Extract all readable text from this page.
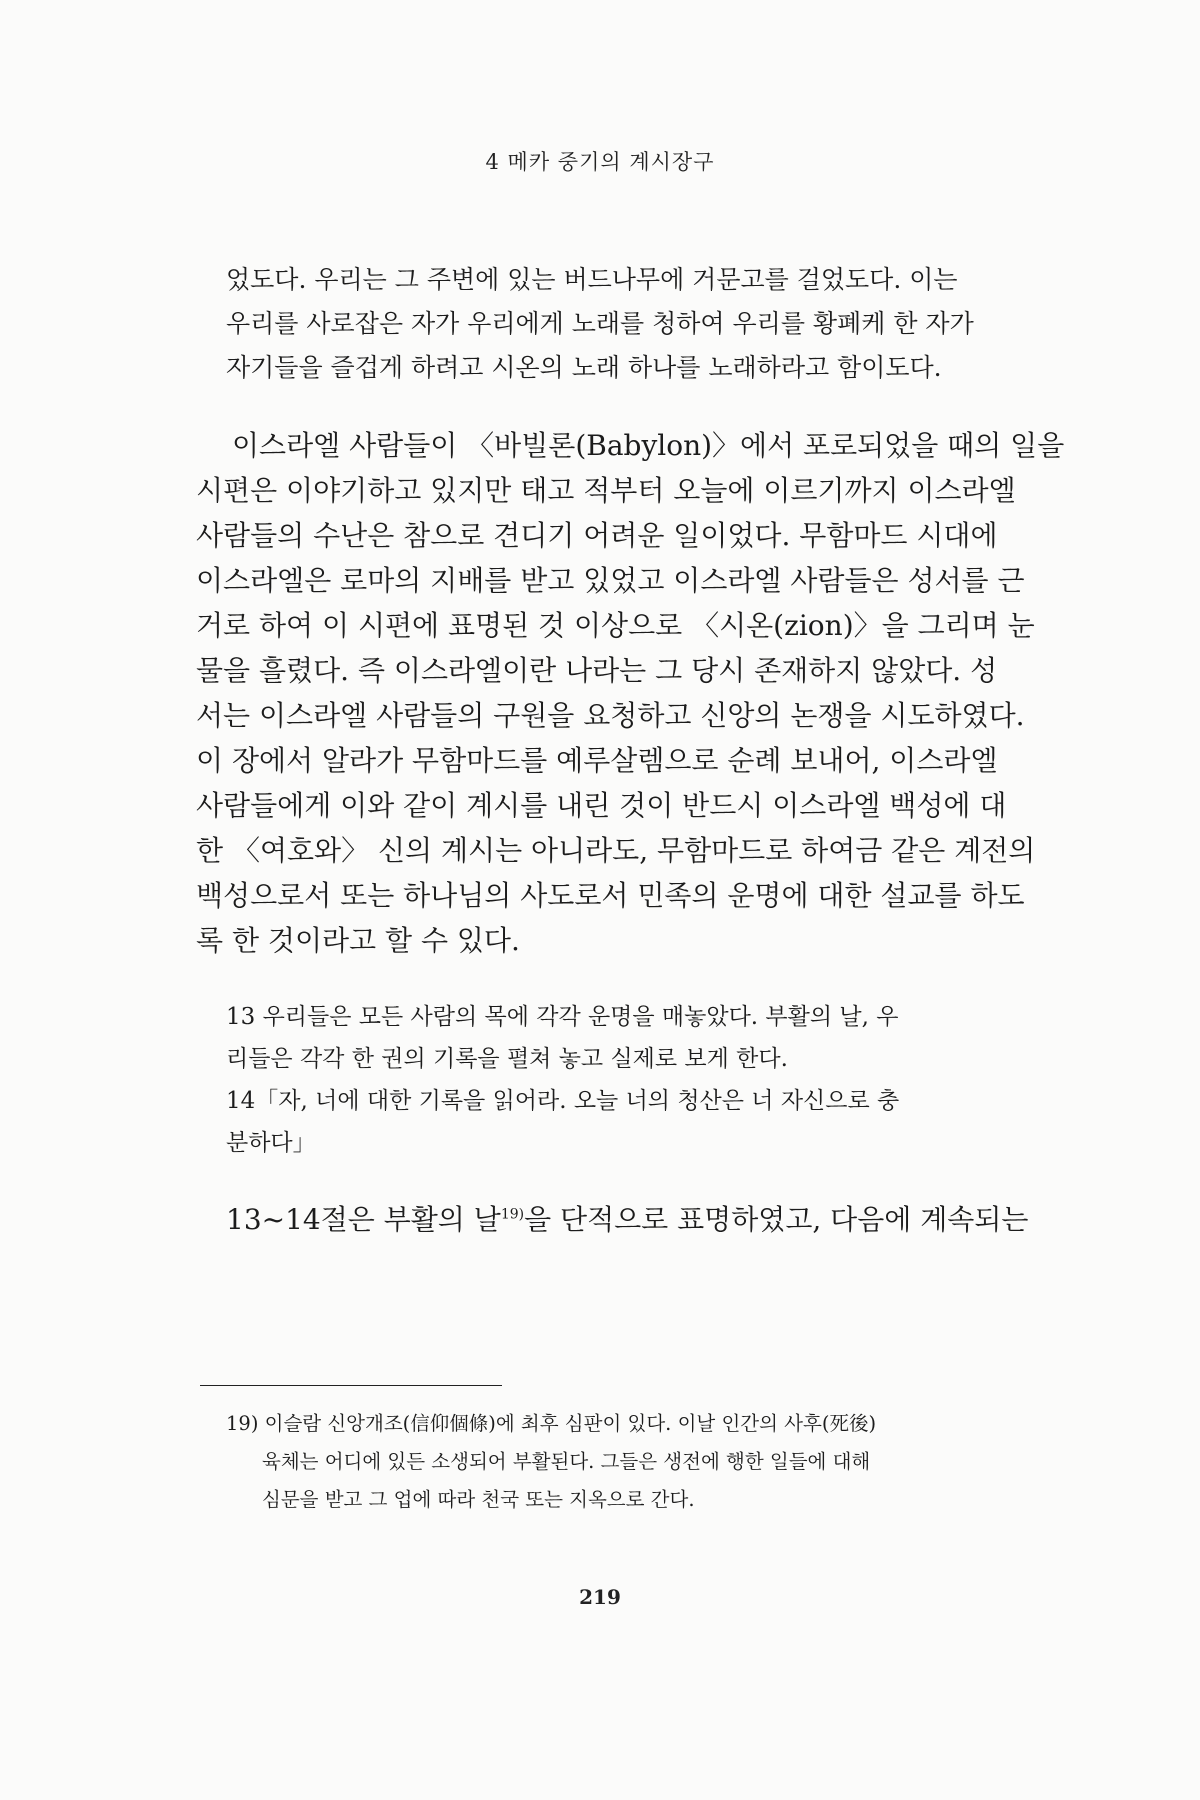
4 메카 중기의 계시장구
었도다. 우리는 그 주변에 있는 버드나무에 거문고를 걸었도다. 이는
우리를 사로잡은 자가 우리에게 노래를 청하여 우리를 황폐케 한 자가
자기들을 즐겁게 하려고 시온의 노래 하나를 노래하라고 함이도다.
이스라엘 사람들이 〈바빌론(Babylon)〉에서 포로되었을 때의 일을
시편은 이야기하고 있지만 태고 적부터 오늘에 이르기까지 이스라엘
사람들의 수난은 참으로 견디기 어려운 일이었다. 무함마드 시대에
이스라엘은 로마의 지배를 받고 있었고 이스라엘 사람들은 성서를 근
거로 하여 이 시편에 표명된 것 이상으로 〈시온(zion)〉을 그리며 눈
물을 흘렸다. 즉 이스라엘이란 나라는 그 당시 존재하지 않았다. 성
서는 이스라엘 사람들의 구원을 요청하고 신앙의 논쟁을 시도하였다.
이 장에서 알라가 무함마드를 예루살렘으로 순례 보내어, 이스라엘
사람들에게 이와 같이 계시를 내린 것이 반드시 이스라엘 백성에 대
한 〈여호와〉 신의 계시는 아니라도, 무함마드로 하여금 같은 계전의
백성으로서 또는 하나님의 사도로서 민족의 운명에 대한 설교를 하도
록 한 것이라고 할 수 있다.
13 우리들은 모든 사람의 목에 각각 운명을 매놓았다. 부활의 날, 우
리들은 각각 한 권의 기록을 펼쳐 놓고 실제로 보게 한다.
14「자, 너에 대한 기록을 읽어라. 오늘 너의 청산은 너 자신으로 충
분하다」
13~14절은 부활의 날$^{19)}$을 단적으로 표명하였고, 다음에 계속되는
19) 이슬람 신앙개조(信仰個條)에 최후 심판이 있다. 이날 인간의 사후(死後)
육체는 어디에 있든 소생되어 부활된다. 그들은 생전에 행한 일들에 대해
심문을 받고 그 업에 따라 천국 또는 지옥으로 간다.
219
